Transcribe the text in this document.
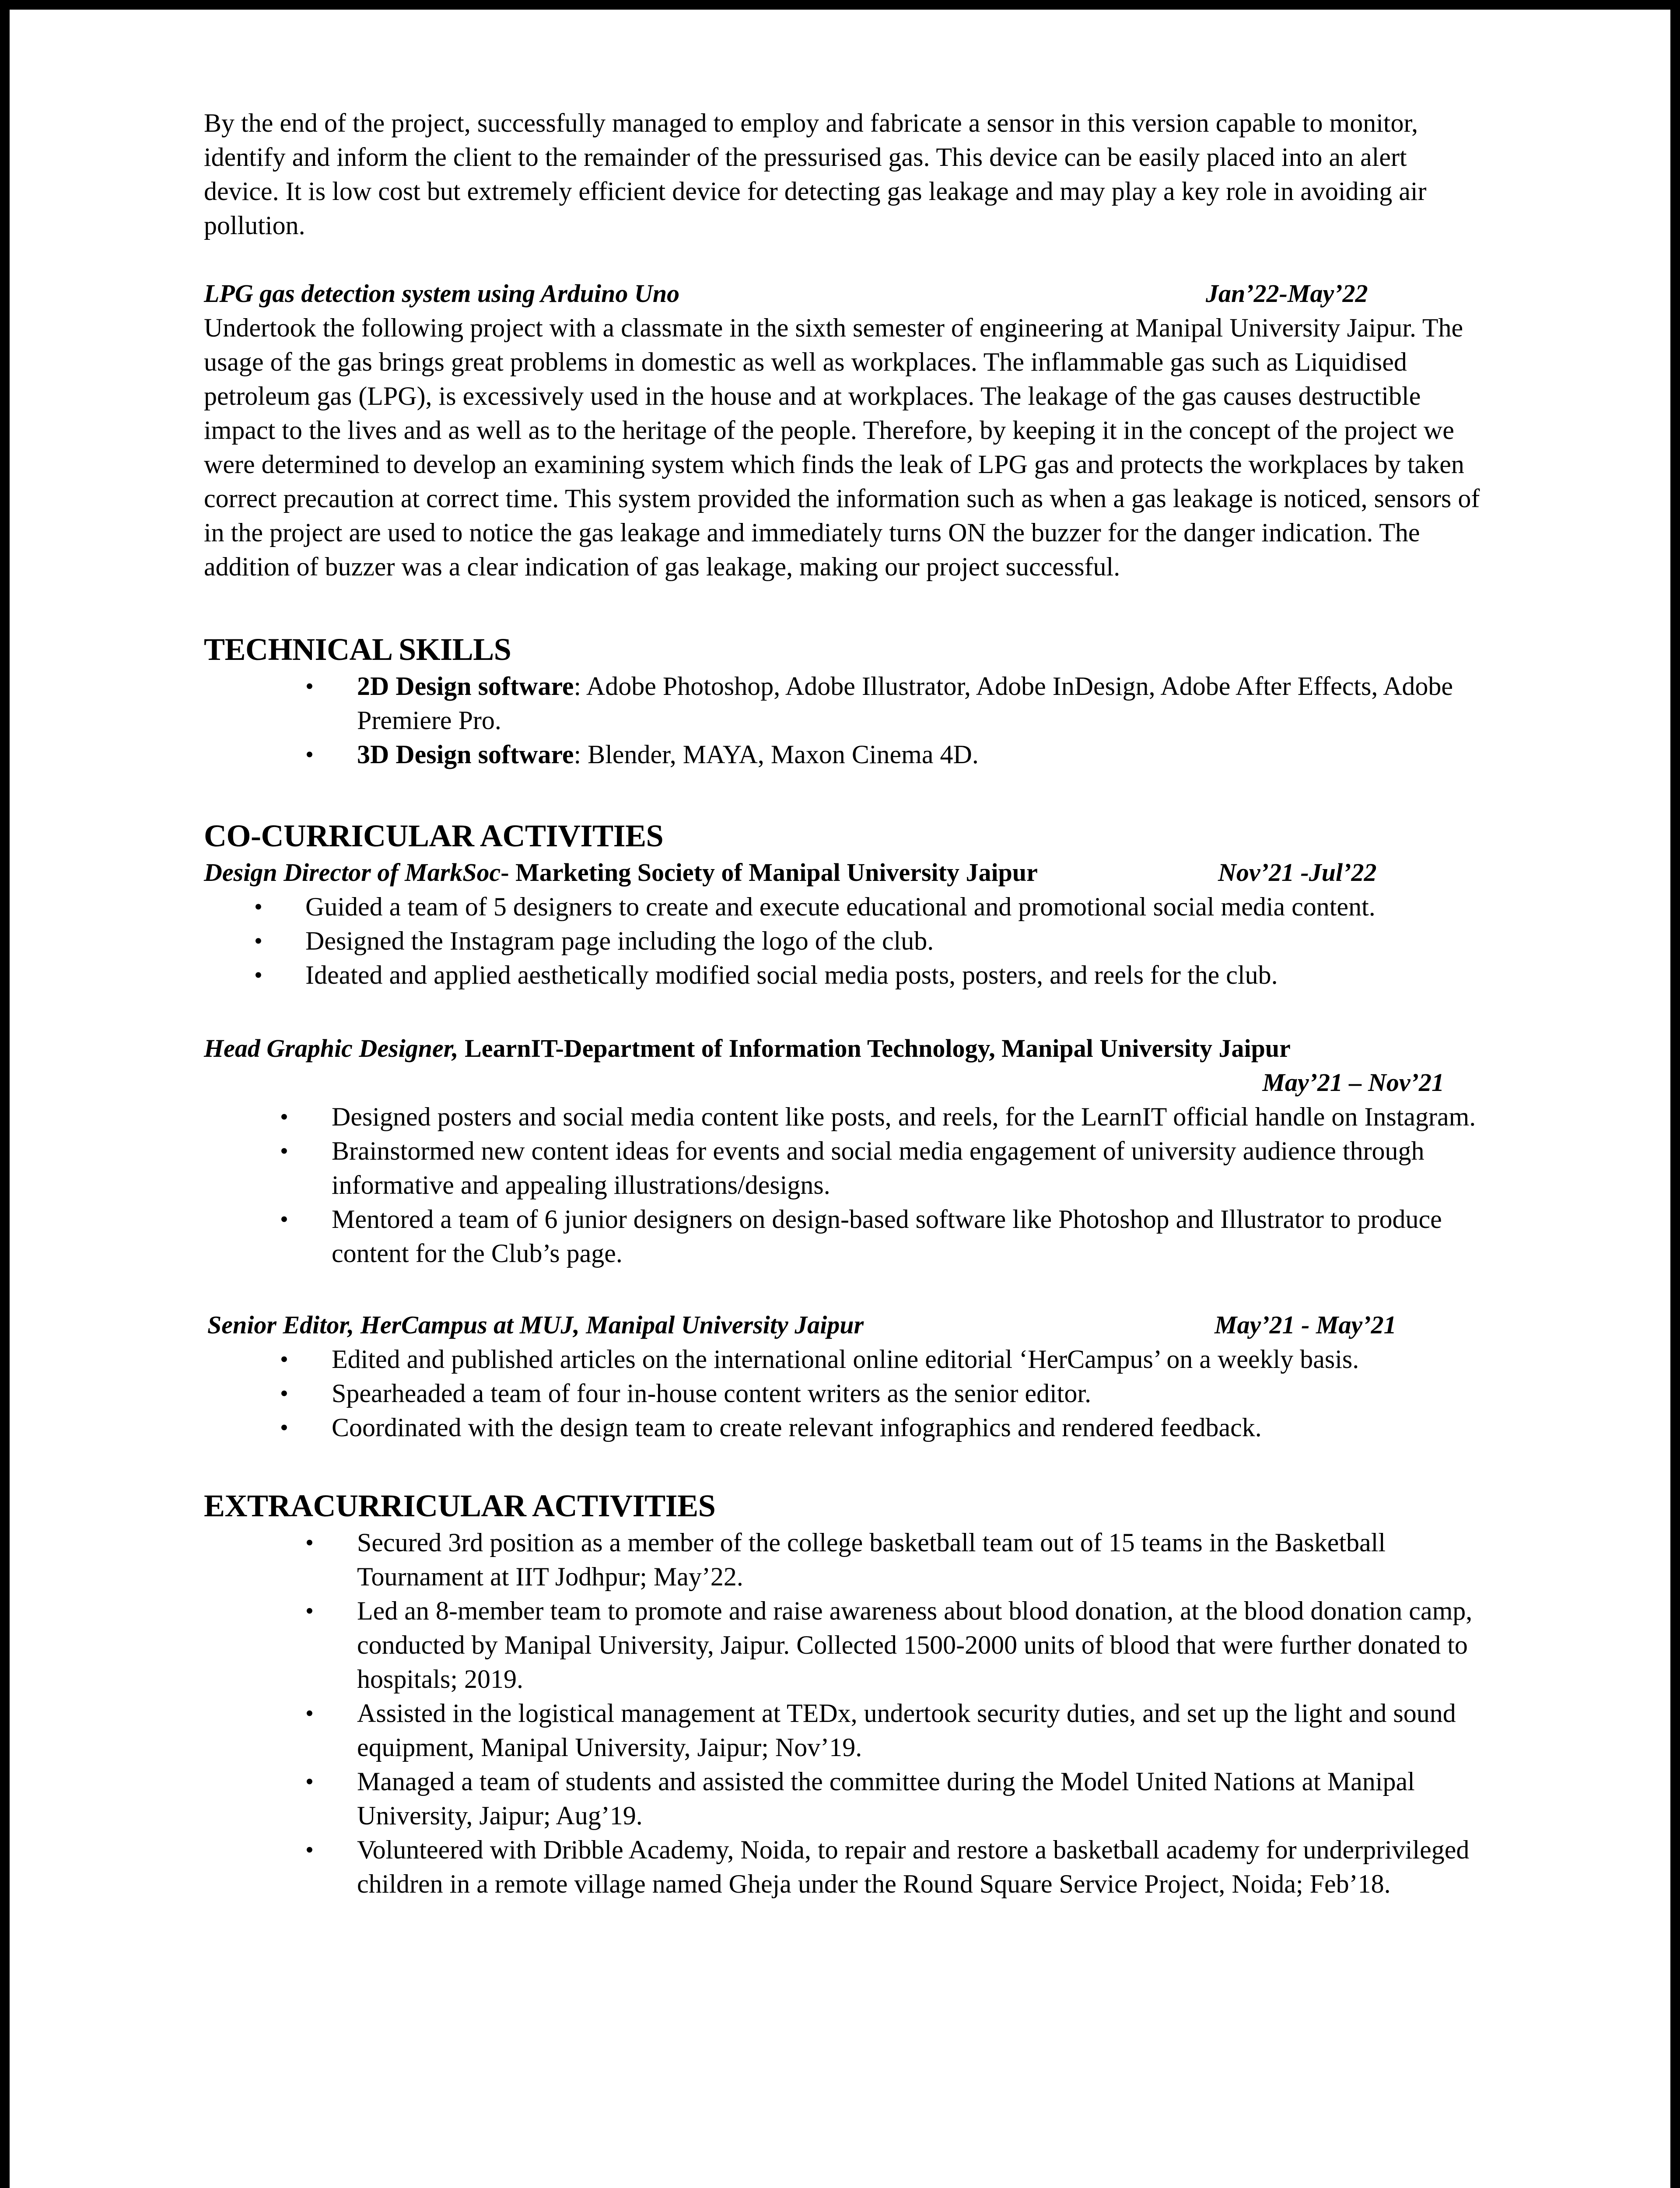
By the end of the project, successfully managed to employ and fabricate a sensor in this version capable to monitor, identify and inform the client to the remainder of the pressurised gas. This device can be easily placed into an alert device. It is low cost but extremely efficient device for detecting gas leakage and may play a key role in avoiding air pollution.

LPG gas detection system using Arduino Uno	Jan’22-May’22

Undertook the following project with a classmate in the sixth semester of engineering at Manipal University Jaipur. The usage of the gas brings great problems in domestic as well as workplaces. The inflammable gas such as Liquidised petroleum gas (LPG), is excessively used in the house and at workplaces. The leakage of the gas causes destructible impact to the lives and as well as to the heritage of the people. Therefore, by keeping it in the concept of the project we were determined to develop an examining system which finds the leak of LPG gas and protects the workplaces by taken correct precaution at correct time. This system provided the information such as when a gas leakage is noticed, sensors of in the project are used to notice the gas leakage and immediately turns ON the buzzer for the danger indication. The addition of buzzer was a clear indication of gas leakage, making our project successful.

TECHNICAL SKILLS
• 2D Design software: Adobe Photoshop, Adobe Illustrator, Adobe InDesign, Adobe After Effects, Adobe Premiere Pro.
• 3D Design software: Blender, MAYA, Maxon Cinema 4D.
CO-CURRICULAR ACTIVITIES
Design Director of MarkSoc- Marketing Society of Manipal University Jaipur	Nov’21 -Jul’22
• Guided a team of 5 designers to create and execute educational and promotional social media content.
• Designed the Instagram page including the logo of the club.
• Ideated and applied aesthetically modified social media posts, posters, and reels for the club.
Head Graphic Designer, LearnIT-Department of Information Technology, Manipal University Jaipur
May’21 – Nov’21
• Designed posters and social media content like posts, and reels, for the LearnIT official handle on Instagram.
• Brainstormed new content ideas for events and social media engagement of university audience through informative and appealing illustrations/designs.
• Mentored a team of 6 junior designers on design-based software like Photoshop and Illustrator to produce content for the Club’s page.
Senior Editor, HerCampus at MUJ, Manipal University Jaipur	May’21 - May’21
• Edited and published articles on the international online editorial ‘HerCampus’ on a weekly basis.
• Spearheaded a team of four in-house content writers as the senior editor.
• Coordinated with the design team to create relevant infographics and rendered feedback.
EXTRACURRICULAR ACTIVITIES
• Secured 3rd position as a member of the college basketball team out of 15 teams in the Basketball Tournament at IIT Jodhpur; May’22.
• Led an 8-member team to promote and raise awareness about blood donation, at the blood donation camp, conducted by Manipal University, Jaipur. Collected 1500-2000 units of blood that were further donated to hospitals; 2019.
• Assisted in the logistical management at TEDx, undertook security duties, and set up the light and sound equipment, Manipal University, Jaipur; Nov’19.
• Managed a team of students and assisted the committee during the Model United Nations at Manipal University, Jaipur; Aug’19.
• Volunteered with Dribble Academy, Noida, to repair and restore a basketball academy for underprivileged children in a remote village named Gheja under the Round Square Service Project, Noida; Feb’18.
